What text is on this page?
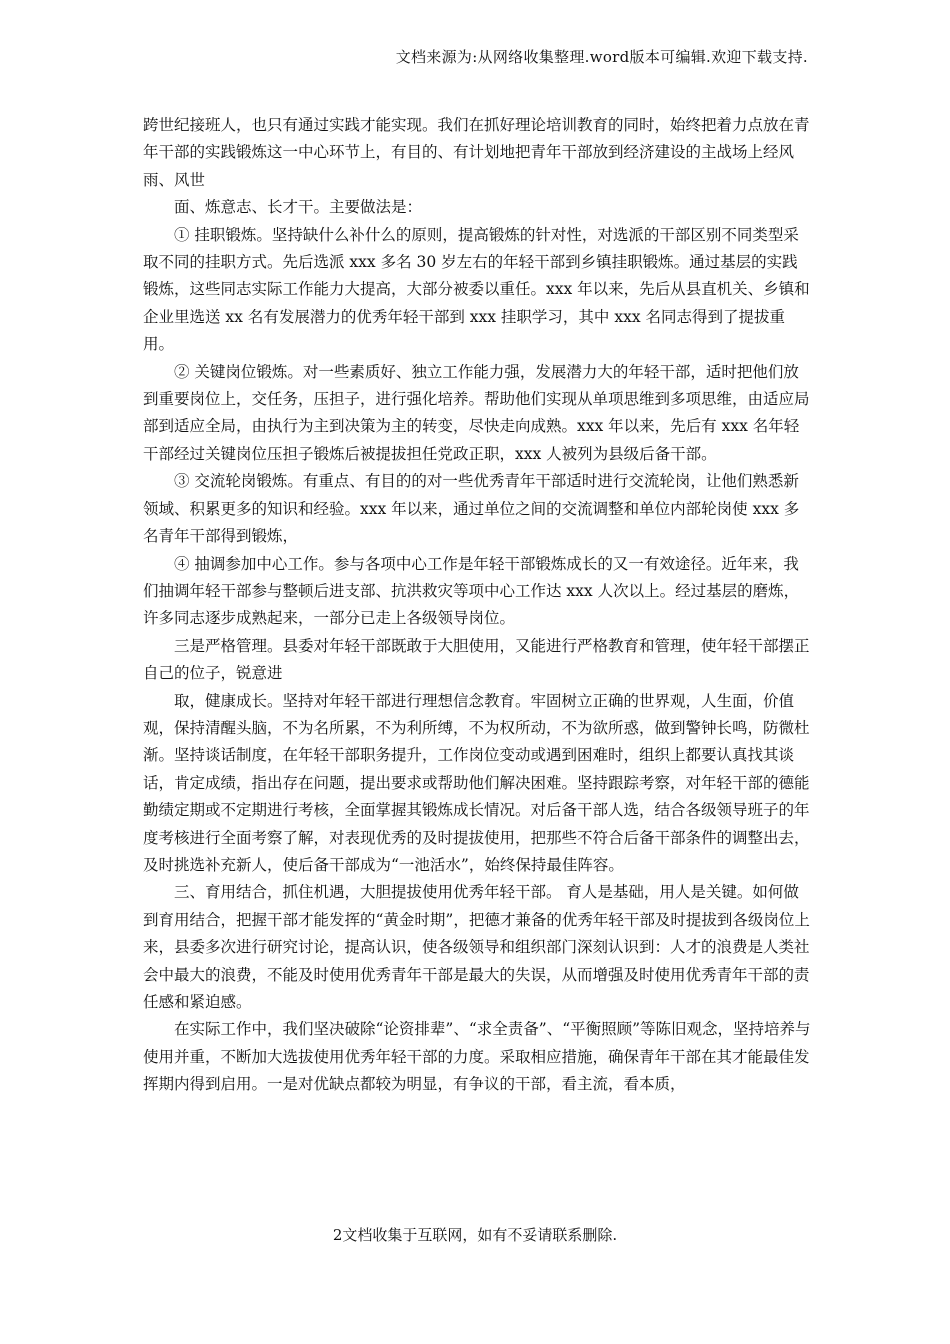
文档来源为:从网络收集整理.word版本可编辑.欢迎下载支持.

跨世纪接班人，也只有通过实践才能实现。我们在抓好理论培训教育的同时，始终把着力点放在青年干部的实践锻炼这一中心环节上，有目的、有计划地把青年干部放到经济建设的主战场上经风雨、风世

面、炼意志、长才干。主要做法是：

① 挂职锻炼。坚持缺什么补什么的原则，提高锻炼的针对性，对选派的干部区别不同类型采取不同的挂职方式。先后选派 xxx 多名 30 岁左右的年轻干部到乡镇挂职锻炼。通过基层的实践锻炼，这些同志实际工作能力大提高，大部分被委以重任。xxx 年以来，先后从县直机关、乡镇和企业里选送 xx 名有发展潜力的优秀年轻干部到 xxx 挂职学习，其中 xxx 名同志得到了提拔重用。

② 关键岗位锻炼。对一些素质好、独立工作能力强，发展潜力大的年轻干部，适时把他们放到重要岗位上，交任务，压担子，进行强化培养。帮助他们实现从单项思维到多项思维，由适应局部到适应全局，由执行为主到决策为主的转变，尽快走向成熟。xxx 年以来，先后有 xxx 名年轻干部经过关键岗位压担子锻炼后被提拔担任党政正职，xxx 人被列为县级后备干部。

③ 交流轮岗锻炼。有重点、有目的的对一些优秀青年干部适时进行交流轮岗，让他们熟悉新领域、积累更多的知识和经验。xxx 年以来，通过单位之间的交流调整和单位内部轮岗使 xxx 多名青年干部得到锻炼，

④ 抽调参加中心工作。参与各项中心工作是年轻干部锻炼成长的又一有效途径。近年来，我们抽调年轻干部参与整顿后进支部、抗洪救灾等项中心工作达 xxx 人次以上。经过基层的磨炼，许多同志逐步成熟起来，一部分已走上各级领导岗位。

三是严格管理。县委对年轻干部既敢于大胆使用，又能进行严格教育和管理，使年轻干部摆正自己的位子，锐意进

取，健康成长。坚持对年轻干部进行理想信念教育。牢固树立正确的世界观，人生面，价值观，保持清醒头脑，不为名所累，不为利所缚，不为权所动，不为欲所惑，做到警钟长鸣，防微杜渐。坚持谈话制度，在年轻干部职务提升，工作岗位变动或遇到困难时，组织上都要认真找其谈话，肯定成绩，指出存在问题，提出要求或帮助他们解决困难。坚持跟踪考察，对年轻干部的德能勤绩定期或不定期进行考核，全面掌握其锻炼成长情况。对后备干部人选，结合各级领导班子的年度考核进行全面考察了解，对表现优秀的及时提拔使用，把那些不符合后备干部条件的调整出去，及时挑选补充新人，使后备干部成为“一池活水”，始终保持最佳阵容。

三、育用结合，抓住机遇，大胆提拔使用优秀年轻干部。 育人是基础，用人是关键。如何做到育用结合，把握干部才能发挥的“黄金时期”，把德才兼备的优秀年轻干部及时提拔到各级岗位上来，县委多次进行研究讨论，提高认识，使各级领导和组织部门深刻认识到：人才的浪费是人类社会中最大的浪费，不能及时使用优秀青年干部是最大的失误，从而增强及时使用优秀青年干部的责任感和紧迫感。

在实际工作中，我们坚决破除“论资排辈”、“求全责备”、“平衡照顾”等陈旧观念，坚持培养与使用并重，不断加大选拔使用优秀年轻干部的力度。采取相应措施，确保青年干部在其才能最佳发挥期内得到启用。一是对优缺点都较为明显，有争议的干部，看主流，看本质，

2文档收集于互联网，如有不妥请联系删除.
